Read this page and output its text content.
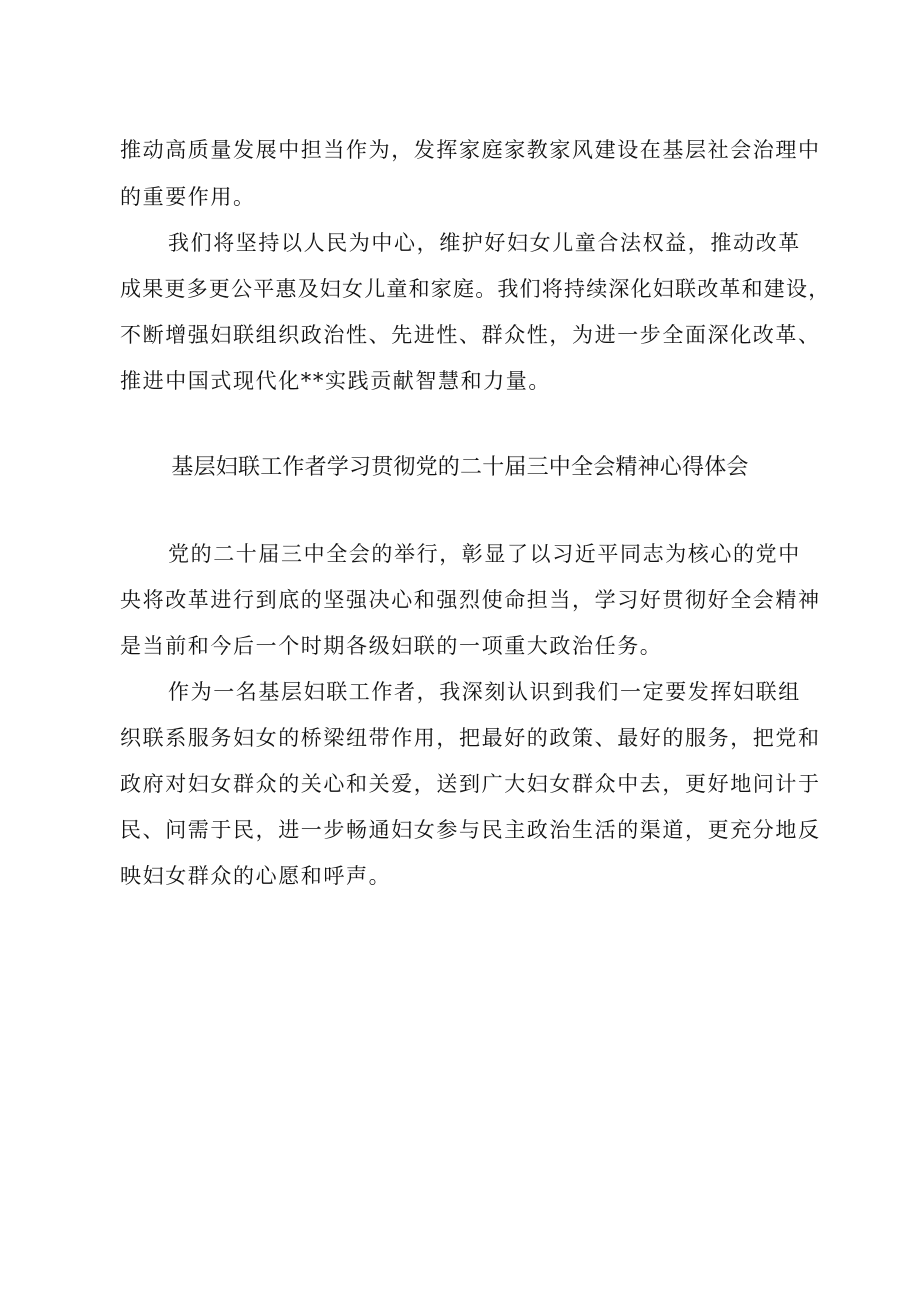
推动高质量发展中担当作为，发挥家庭家教家风建设在基层社会治理中
的重要作用。
我们将坚持以人民为中心，维护好妇女儿童合法权益，推动改革
成果更多更公平惠及妇女儿童和家庭。我们将持续深化妇联改革和建设，
不断增强妇联组织政治性、先进性、群众性，为进一步全面深化改革、
推进中国式现代化**实践贡献智慧和力量。
基层妇联工作者学习贯彻党的二十届三中全会精神心得体会
党的二十届三中全会的举行，彰显了以习近平同志为核心的党中
央将改革进行到底的坚强决心和强烈使命担当，学习好贯彻好全会精神
是当前和今后一个时期各级妇联的一项重大政治任务。
作为一名基层妇联工作者，我深刻认识到我们一定要发挥妇联组
织联系服务妇女的桥梁纽带作用，把最好的政策、最好的服务，把党和
政府对妇女群众的关心和关爱，送到广大妇女群众中去，更好地问计于
民、问需于民，进一步畅通妇女参与民主政治生活的渠道，更充分地反
映妇女群众的心愿和呼声。
